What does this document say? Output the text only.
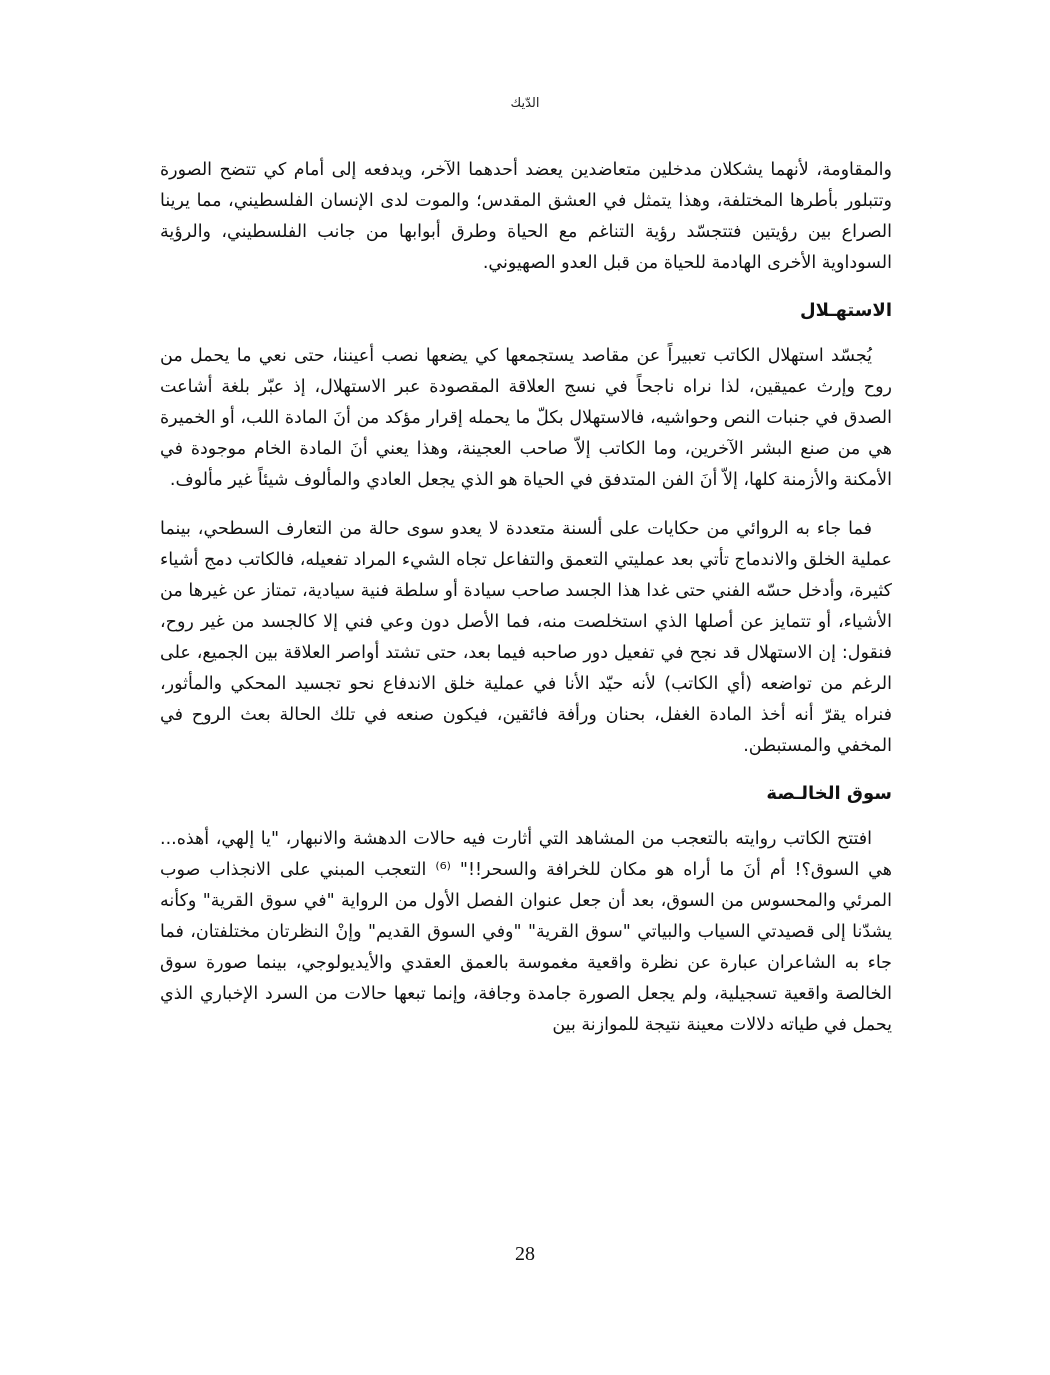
الدّيك

والمقاومة، لأنهما يشكلان مدخلين متعاضدين يعضد أحدهما الآخر، ويدفعه إلى أمام كي تتضح الصورة وتتبلور بأطرها المختلفة، وهذا يتمثل في العشق المقدس؛ والموت لدى الإنسان الفلسطيني، مما يرينا الصراع بين رؤيتين فتتجسّد رؤية التناغم مع الحياة وطرق أبوابها من جانب الفلسطيني، والرؤية السوداوية الأخرى الهادمة للحياة من قبل العدو الصهيوني.

الاستهـلال

يُجسّد استهلال الكاتب تعبيراً عن مقاصد يستجمعها كي يضعها نصب أعيننا، حتى نعي ما يحمل من روح وإرث عميقين، لذا نراه ناجحاً في نسج العلاقة المقصودة عبر الاستهلال، إذ عبّر بلغة أشاعت الصدق في جنبات النص وحواشيه، فالاستهلال بكلّ ما يحمله إقرار مؤكد من أنَ المادة اللب، أو الخميرة هي من صنع البشر الآخرين، وما الكاتب إلاّ صاحب العجينة، وهذا يعني أنَ المادة الخام موجودة في الأمكنة والأزمنة كلها، إلاّ أنَ الفن المتدفق في الحياة هو الذي يجعل العادي والمألوف شيئاً غير مألوف.

فما جاء به الروائي من حكايات على ألسنة متعددة لا يعدو سوى حالة من التعارف السطحي، بينما عملية الخلق والاندماج تأتي بعد عمليتي التعمق والتفاعل تجاه الشيء المراد تفعيله، فالكاتب دمج أشياء كثيرة، وأدخل حسّه الفني حتى غدا هذا الجسد صاحب سيادة أو سلطة فنية سيادية، تمتاز عن غيرها من الأشياء، أو تتمايز عن أصلها الذي استخلصت منه، فما الأصل دون وعي فني إلا كالجسد من غير روح، فنقول: إن الاستهلال قد نجح في تفعيل دور صاحبه فيما بعد، حتى تشتد أواصر العلاقة بين الجميع، على الرغم من تواضعه (أي الكاتب) لأنه حيّد الأنا في عملية خلق الاندفاع نحو تجسيد المحكي والمأثور، فنراه يقرّ أنه أخذ المادة الغفل، بحنان ورأفة فائقين، فيكون صنعه في تلك الحالة بعث الروح في المخفي والمستبطن.

سوق الخالـصة

افتتح الكاتب روايته بالتعجب من المشاهد التي أثارت فيه حالات الدهشة والانبهار، "يا إلهي، أهذه... هي السوق؟! أم أنَ ما أراه هو مكان للخرافة والسحر!!" ⁽⁶⁾ التعجب المبني على الانجذاب صوب المرئي والمحسوس من السوق، بعد أن جعل عنوان الفصل الأول من الرواية "في سوق القرية" وكأنه يشدّنا إلى قصيدتي السياب والبياتي "سوق القرية" "وفي السوق القديم" وإنْ النظرتان مختلفتان، فما جاء به الشاعران عبارة عن نظرة واقعية مغموسة بالعمق العقدي والأيديولوجي، بينما صورة سوق الخالصة واقعية تسجيلية، ولم يجعل الصورة جامدة وجافة، وإنما تبعها حالات من السرد الإخباري الذي يحمل في طياته دلالات معينة نتيجة للموازنة بين

28
